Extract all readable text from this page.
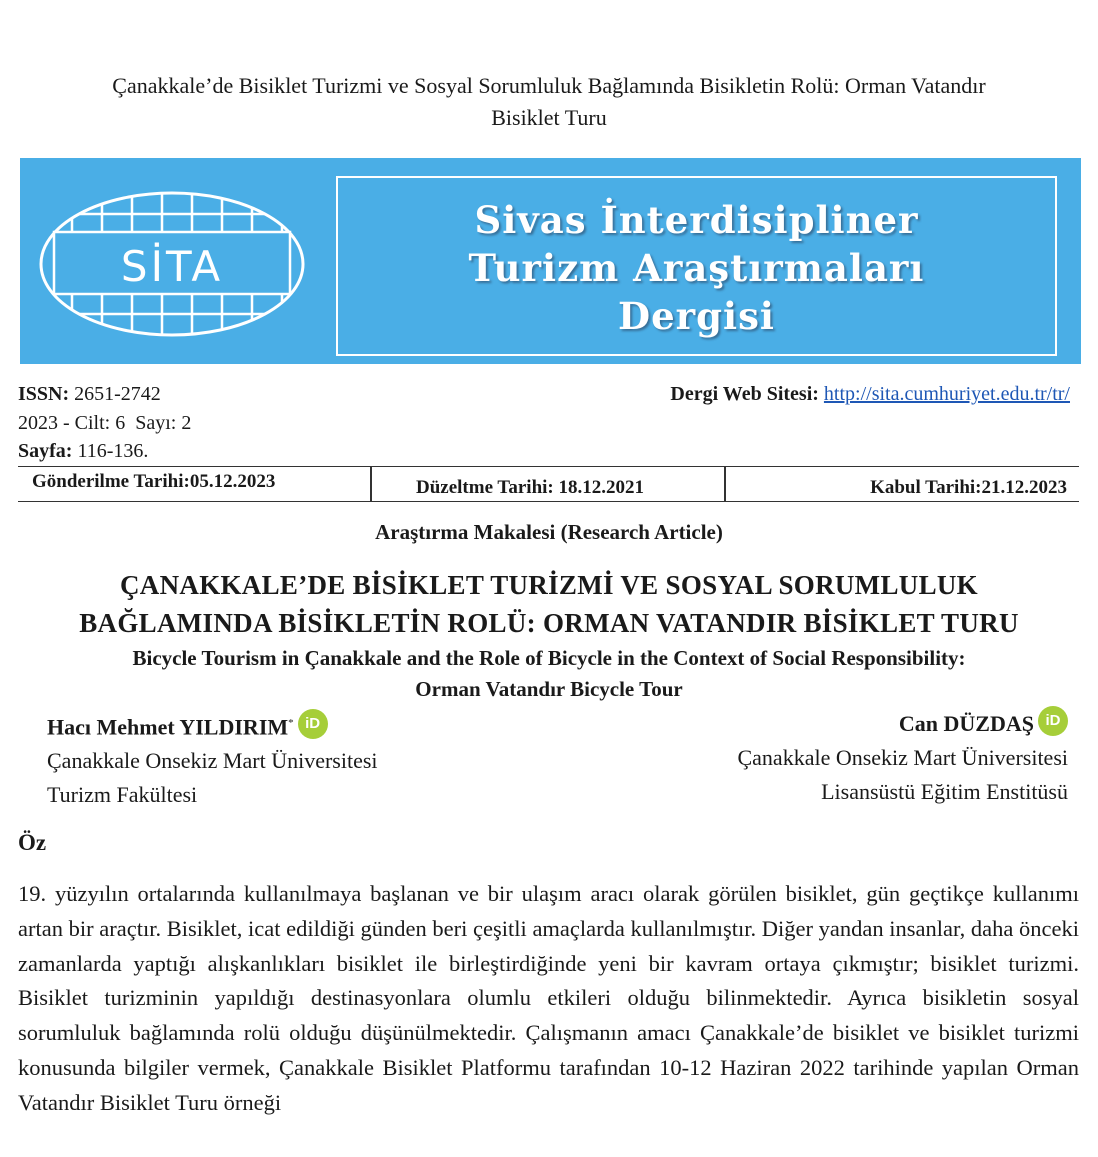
Çanakkale’de Bisiklet Turizmi ve Sosyal Sorumluluk Bağlamında Bisikletin Rolü: Orman Vatandır
Bisiklet Turu
SİTA
Sivas İnterdisipliner
Turizm Araştırmaları
Dergisi
ISSN: 2651-2742
2023 - Cilt: 6  Sayı: 2
Sayfa: 116-136.
Dergi Web Sitesi: http://sita.cumhuriyet.edu.tr/tr/
Gönderilme Tarihi:05.12.2023	Düzeltme Tarihi: 18.12.2021	Kabul Tarihi:21.12.2023
Araştırma Makalesi (Research Article)
ÇANAKKALE’DE BİSİKLET TURİZMİ VE SOSYAL SORUMLULUK
BAĞLAMINDA BİSİKLETİN ROLÜ: ORMAN VATANDIR BİSİKLET TURU
Bicycle Tourism in Çanakkale and the Role of Bicycle in the Context of Social Responsibility:
Orman Vatandır Bicycle Tour
Hacı Mehmet YILDIRIM* iD
Çanakkale Onsekiz Mart Üniversitesi
Turizm Fakültesi
Can DÜZDAŞ iD
Çanakkale Onsekiz Mart Üniversitesi
Lisansüstü Eğitim Enstitüsü
Öz
19. yüzyılın ortalarında kullanılmaya başlanan ve bir ulaşım aracı olarak görülen bisiklet, gün geçtikçe kullanımı artan bir araçtır. Bisiklet, icat edildiği günden beri çeşitli amaçlarda kullanılmıştır. Diğer yandan insanlar, daha önceki zamanlarda yaptığı alışkanlıkları bisiklet ile birleştirdiğinde yeni bir kavram ortaya çıkmıştır; bisiklet turizmi. Bisiklet turizminin yapıldığı destinasyonlara olumlu etkileri olduğu bilinmektedir. Ayrıca bisikletin sosyal sorumluluk bağlamında rolü olduğu düşünülmektedir. Çalışmanın amacı Çanakkale’de bisiklet ve bisiklet turizmi konusunda bilgiler vermek, Çanakkale Bisiklet Platformu tarafından 10-12 Haziran 2022 tarihinde yapılan Orman Vatandır Bisiklet Turu örneği
